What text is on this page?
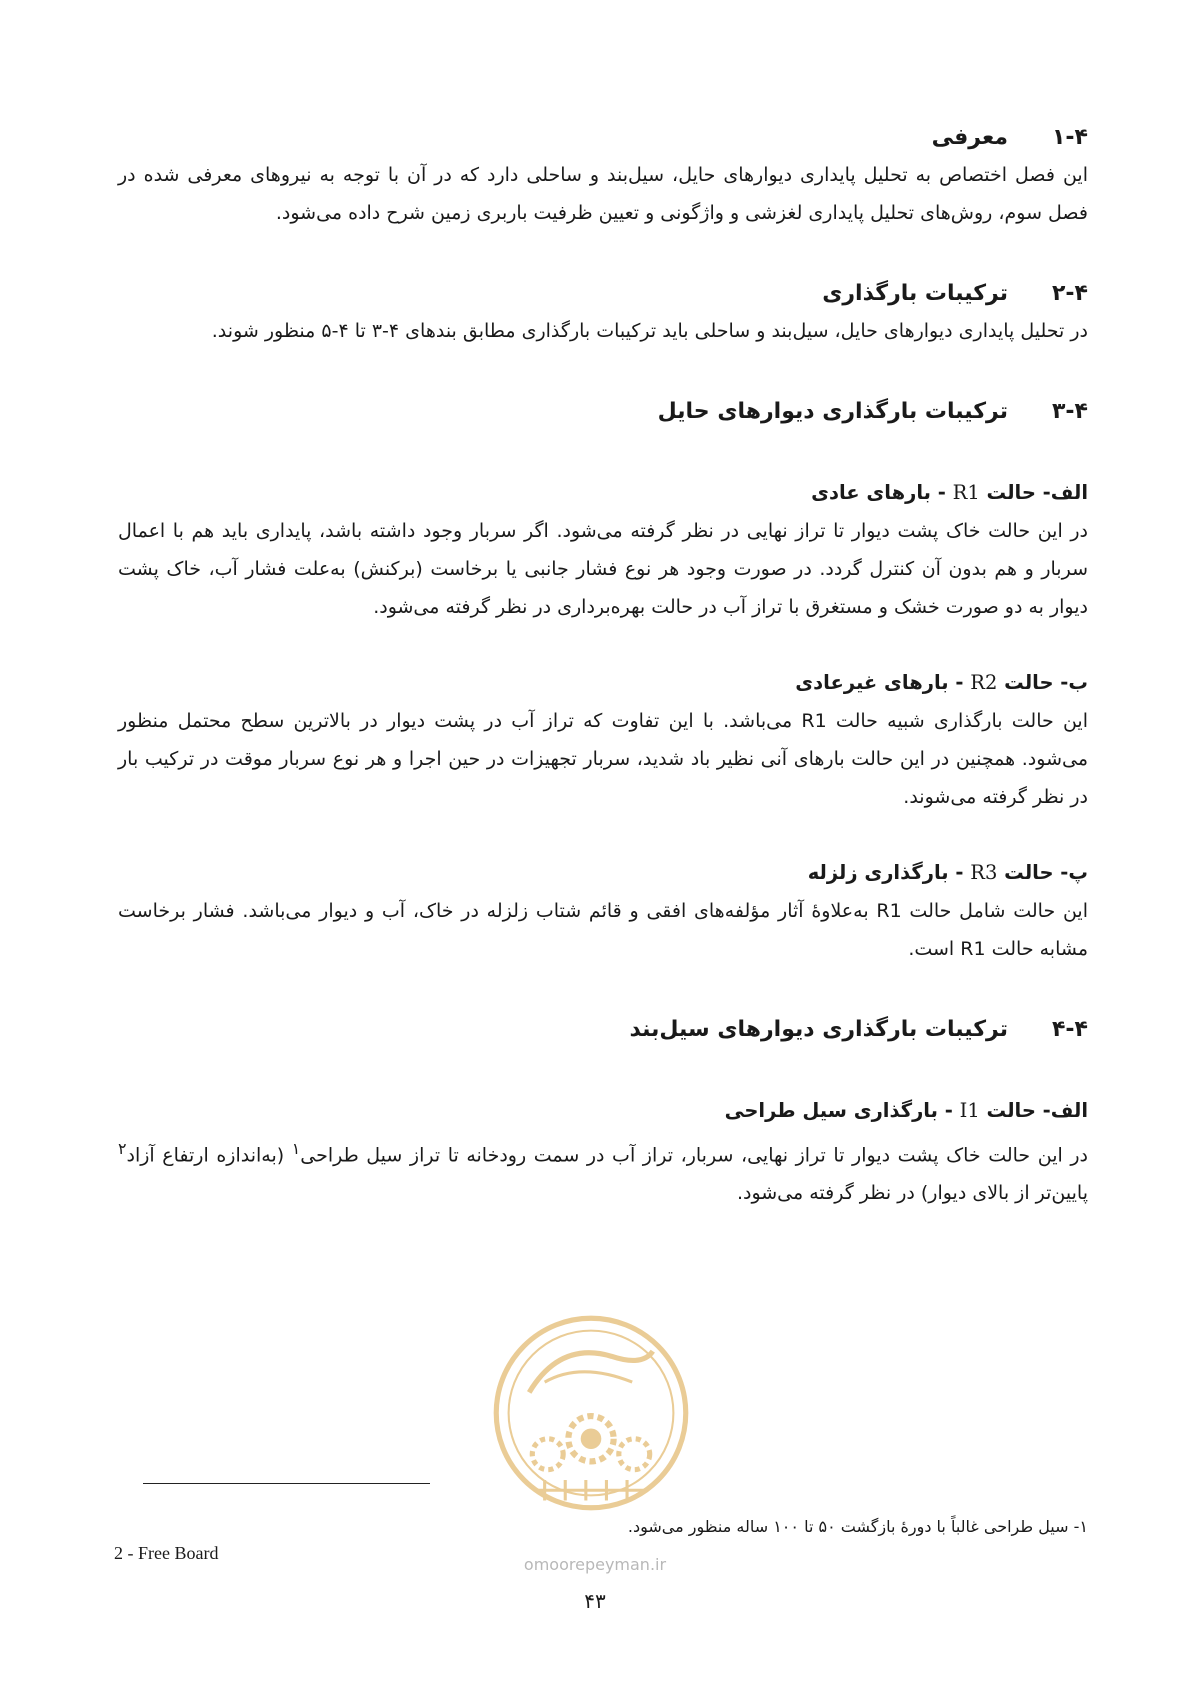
۱-۴معرفی

این فصل اختصاص به تحلیل پایداری دیوارهای حایل، سیل‌بند و ساحلی دارد که در آن با توجه به نیروهای معرفی شده در فصل سوم، روش‌های تحلیل پایداری لغزشی و واژگونی و تعیین ظرفیت باربری زمین شرح داده می‌شود.

۲-۴ترکیبات بارگذاری

در تحلیل پایداری دیوارهای حایل، سیل‌بند و ساحلی باید ترکیبات بارگذاری مطابق بندهای ۴-۳ تا ۴-۵ منظور شوند.

۳-۴ترکیبات بارگذاری دیوارهای حایل
الف- حالت R1 - بارهای عادی

در این حالت خاک پشت دیوار تا تراز نهایی در نظر گرفته می‌شود. اگر سربار وجود داشته باشد، پایداری باید هم با اعمال سربار و هم بدون آن کنترل گردد. در صورت وجود هر نوع فشار جانبی یا برخاست (برکنش) به‌علت فشار آب، خاک پشت دیوار به دو صورت خشک و مستغرق با تراز آب در حالت بهره‌برداری در نظر گرفته می‌شود.

ب- حالت R2 - بارهای غیرعادی

این حالت بارگذاری شبیه حالت R1 می‌باشد. با این تفاوت که تراز آب در پشت دیوار در بالاترین سطح محتمل منظور می‌شود. همچنین در این حالت بارهای آنی نظیر باد شدید، سربار تجهیزات در حین اجرا و هر نوع سربار موقت در ترکیب بار در نظر گرفته می‌شوند.

پ- حالت R3 - بارگذاری زلزله

این حالت شامل حالت R1 به‌علاوۀ آثار مؤلفه‌های افقی و قائم شتاب زلزله در خاک، آب و دیوار می‌باشد. فشار برخاست مشابه حالت R1 است.

۴-۴ترکیبات بارگذاری دیوارهای سیل‌بند
الف- حالت I1 - بارگذاری سیل طراحی

در این حالت خاک پشت دیوار تا تراز نهایی، سربار، تراز آب در سمت رودخانه تا تراز سیل طراحی$^۱$ (به‌اندازه ارتفاع آزاد$^۲$ پایین‌تر از بالای دیوار) در نظر گرفته می‌شود.

۱- سیل طراحی غالباً با دورۀ بازگشت ۵۰ تا ۱۰۰ ساله منظور می‌شود.
2 - Free Board
omoorepeyman.ir
۴۳
